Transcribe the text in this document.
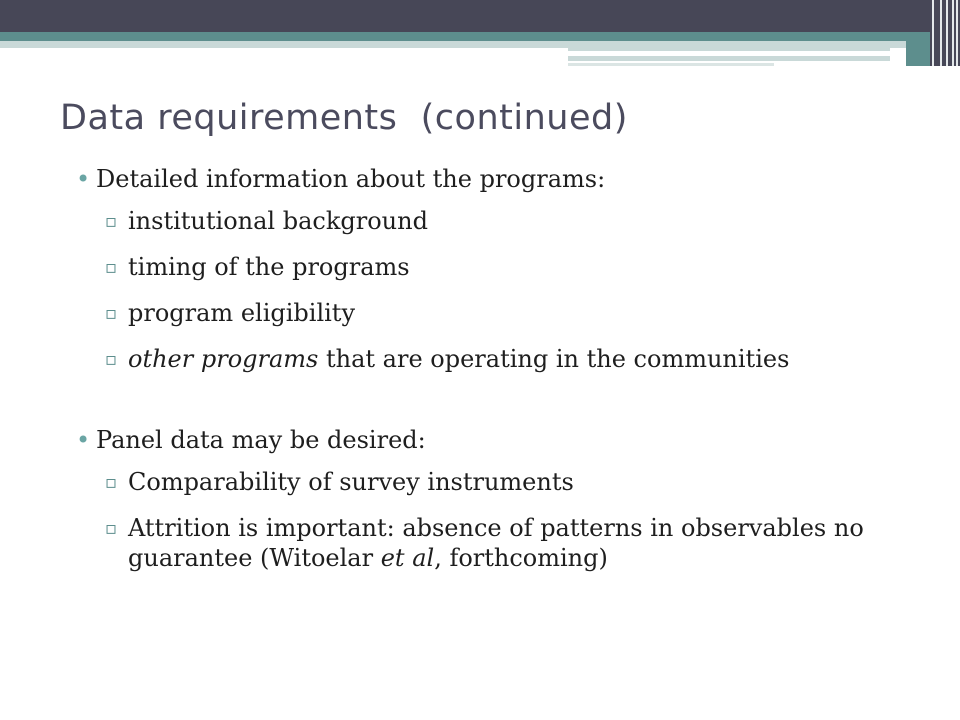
Data requirements  (continued)

• Detailed information about the programs:

▫ institutional background

▫ timing of the programs

▫ program eligibility

▫ other programs that are operating in the communities

• Panel data may be desired:

▫ Comparability of survey instruments

▫ Attrition is important: absence of patterns in observables no guarantee (Witoelar et al, forthcoming)
